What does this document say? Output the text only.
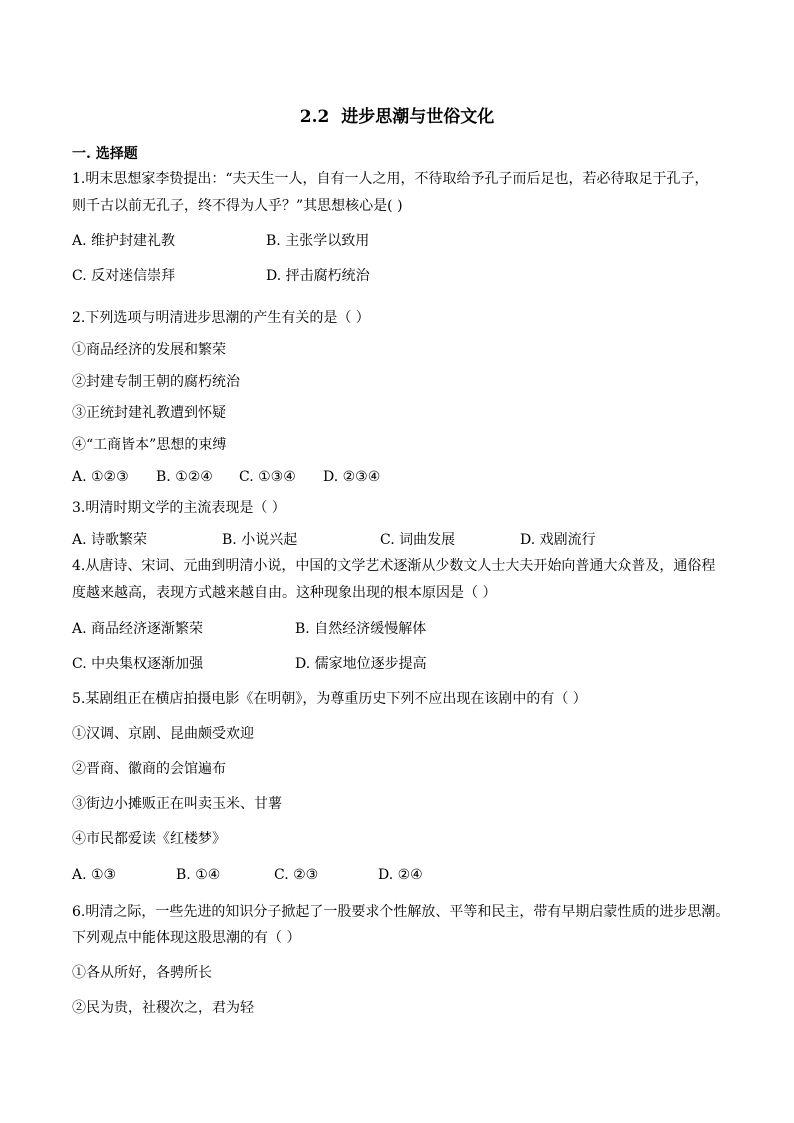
2.2  进步思潮与世俗文化
一. 选择题
1.明末思想家李贽提出：“夫天生一人，自有一人之用，不待取给予孔子而后足也，若必待取足于孔子，
则千古以前无孔子，终不得为人乎？”其思想核心是( )
A. 维护封建礼教	B. 主张学以致用
C. 反对迷信崇拜	D. 抨击腐朽统治
2.下列选项与明清进步思潮的产生有关的是（ ）
①商品经济的发展和繁荣
②封建专制王朝的腐朽统治
③正统封建礼教遭到怀疑
④“工商皆本”思想的束缚
A. ①②③ B. ①②④ C. ①③④ D. ②③④
3.明清时期文学的主流表现是（ ）
A. 诗歌繁荣	B. 小说兴起	C. 词曲发展	D. 戏剧流行
4.从唐诗、宋词、元曲到明清小说，中国的文学艺术逐渐从少数文人士大夫开始向普通大众普及，通俗程
度越来越高，表现方式越来越自由。这种现象出现的根本原因是（ ）
A. 商品经济逐渐繁荣	B. 自然经济缓慢解体
C. 中央集权逐渐加强	D. 儒家地位逐步提高
5.某剧组正在横店拍摄电影《在明朝》，为尊重历史下列不应出现在该剧中的有（ ）
①汉调、京剧、昆曲颇受欢迎
②晋商、徽商的会馆遍布
③街边小摊贩正在叫卖玉米、甘薯
④市民都爱读《红楼梦》
A. ①③	B. ①④	C. ②③	D. ②④
6.明清之际，一些先进的知识分子掀起了一股要求个性解放、平等和民主，带有早期启蒙性质的进步思潮。
下列观点中能体现这股思潮的有（ ）
①各从所好，各骋所长
②民为贵，社稷次之，君为轻
